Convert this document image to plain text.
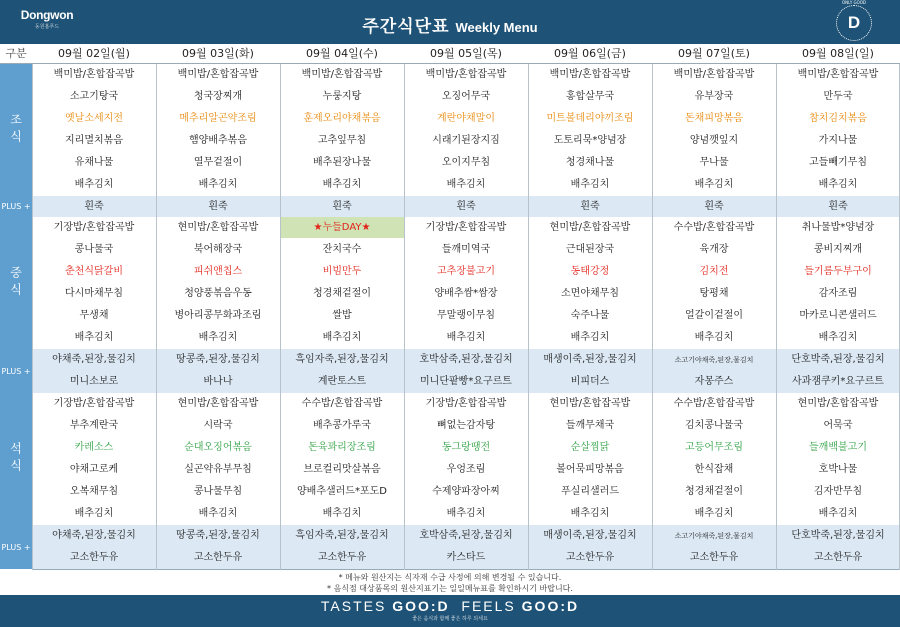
Dongwon
동원홈푸드	주간식단표 Weekly Menu
ONLY GOOD
D
구분	09월 02일(월)	09월 03일(화)	09월 04일(수)	09월 05일(목)	09월 06일(금)	09월 07일(토)	09월 08일(일)
조식
백미밥/혼합잡곡밥	백미밥/혼합잡곡밥	백미밥/혼합잡곡밥	백미밥/혼합잡곡밥	백미밥/혼합잡곡밥	백미밥/혼합잡곡밥	백미밥/혼합잡곡밥
소고기탕국	청국장찌개	누룽지탕	오징어무국	홍합살무국	유부장국	만두국
옛날소세지전	메추리알곤약조림	훈제오리야채볶음	계란야채말이	미트볼데리야끼조림	돈채피망볶음	참치김치볶음
지리멸치볶음	햄양배추볶음	고추잎무침	시래기된장지짐	도토리묵*양념장	양념깻잎지	가지나물
유채나물	열무겉절이	배추된장나물	오이지무침	청경채나물	무나물	고들빼기무침
배추김치	배추김치	배추김치	배추김치	배추김치	배추김치	배추김치
PLUS +	흰죽	흰죽	흰죽	흰죽	흰죽	흰죽	흰죽
중식
기장밥/혼합잡곡밥	현미밥/혼합잡곡밥	★누들DAY★	기장밥/혼합잡곡밥	현미밥/혼합잡곡밥	수수밥/혼합잡곡밥	취나물밥*양념장
콩나물국	북어해장국	잔치국수	들깨미역국	근대된장국	육개장	콩비지찌개
춘천식닭갈비	피쉬앤칩스	비빔만두	고추장불고기	동태강정	김치전	들기름두부구이
다시마채무침	청양풍볶음우동	청경채겉절이	양배추쌈*쌈장	소면야채무침	탕평채	감자조림
무생채	병아리콩무화과조림	쌀밥	무말랭이무침	숙주나물	얼갈이겉절이	마카로니콘샐러드
배추김치	배추김치	배추김치	배추김치	배추김치	배추김치	배추김치
PLUS +
야채죽,된장,물김치	땅콩죽,된장,물김치	흑임자죽,된장,물김치	호박삼죽,된장,물김치	매생이죽,된장,물김치	소고기야채죽,된장,물김치	단호박죽,된장,물김치
미니소보로	바나나	계란토스트	미니단팥빵*요구르트	비피더스	자몽주스	사과잼쿠키*요구르트
석식
기장밥/혼합잡곡밥	현미밥/혼합잡곡밥	수수밥/혼합잡곡밥	기장밥/혼합잡곡밥	현미밥/혼합잡곡밥	수수밥/혼합잡곡밥	현미밥/혼합잡곡밥
부추계란국	시락국	배추콩가루국	뼈없는감자탕	들깨무채국	김치콩나물국	어묵국
카레소스	순대오징어볶음	돈육꽈리장조림	동그랑땡전	순살찜닭	고등어무조림	들깨백불고기
야채고로케	실곤약유부무침	브로컬리맛살볶음	우엉조림	볼어묵피망볶음	한식잡채	호박나물
오복채무침	콩나물무침	양배추샐러드*포도D	수제양파장아찌	푸실리샐러드	청경채겉절이	김자반무침
배추김치	배추김치	배추김치	배추김치	배추김치	배추김치	배추김치
PLUS +
야채죽,된장,물김치	땅콩죽,된장,물김치	흑임자죽,된장,물김치	호박삼죽,된장,물김치	매생이죽,된장,물김치	소고기야채죽,된장,물김치	단호박죽,된장,물김치
고소한두유	고소한두유	고소한두유	카스타드	고소한두유	고소한두유	고소한두유
* 메뉴와 원산지는 식자재 수급 사정에 의해 변경될 수 있습니다.
* 음식점 대상품목의 원산지표기는 일일메뉴표를 확인하시기 바랍니다.
TASTES GOO:D FEELS GOO:D
좋은 음식과 함께 좋은 하루 되세요
